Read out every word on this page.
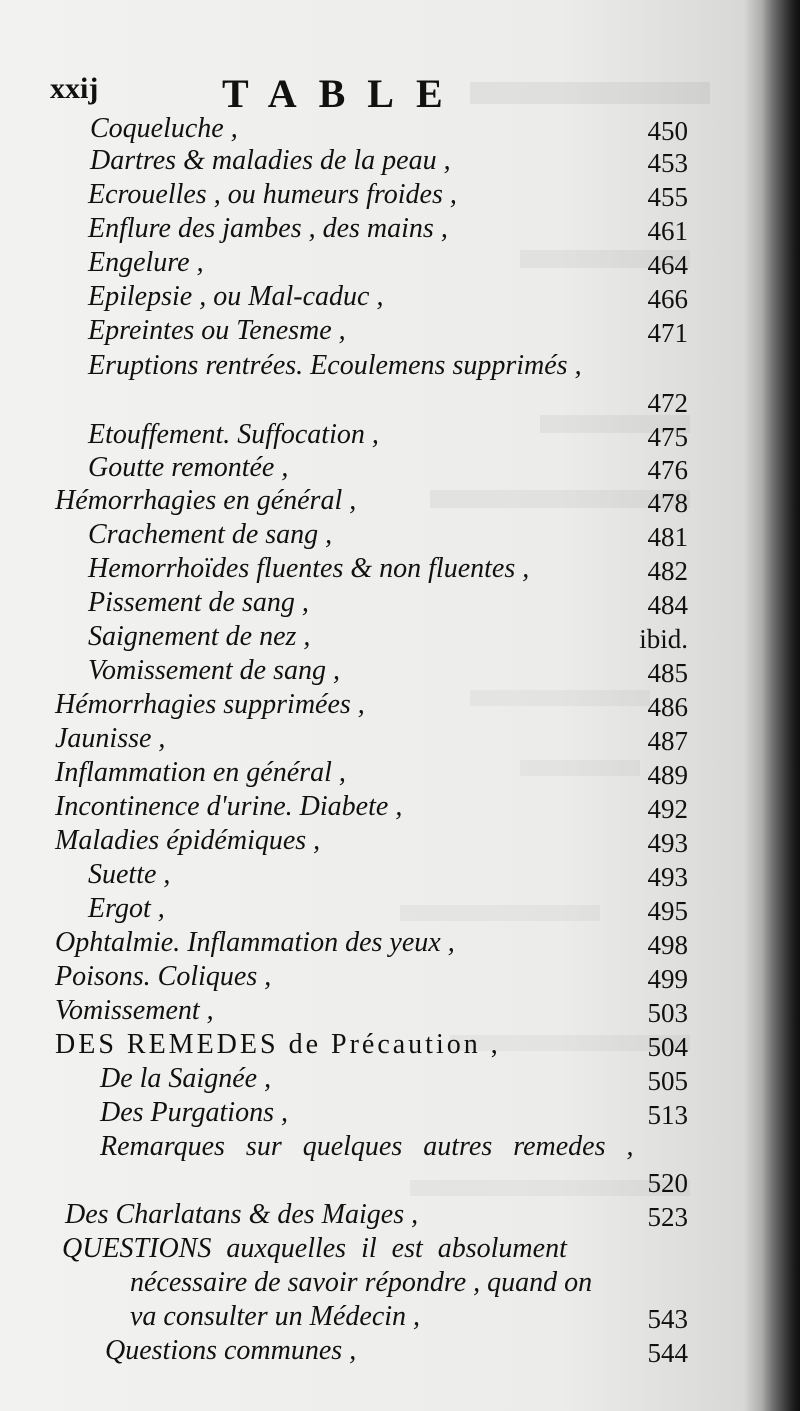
xxij	TABLE
Coqueluche ,	450
Dartres & maladies de la peau ,	453
Ecrouelles , ou humeurs froides ,	455
Enflure des jambes , des mains ,	461
Engelure ,	464
Epilepsie , ou Mal-caduc ,	466
Epreintes ou Tenesme ,	471
Eruptions rentrées. Ecoulemens supprimés ,
472
Etouffement. Suffocation ,	475
Goutte remontée ,	476
Hémorrhagies en général ,	478
Crachement de sang ,	481
Hemorrhoïdes fluentes & non fluentes ,	482
Pissement de sang ,	484
Saignement de nez ,	ibid.
Vomissement de sang ,	485
Hémorrhagies supprimées ,	486
Jaunisse ,	487
Inflammation en général ,	489
Incontinence d'urine. Diabete ,	492
Maladies épidémiques ,	493
Suette ,	493
Ergot ,	495
Ophtalmie. Inflammation des yeux ,	498
Poisons. Coliques ,	499
Vomissement ,	503
DES REMEDES de Précaution ,	504
De la Saignée ,	505
Des Purgations ,	513
Remarques sur quelques autres remedes ,
520
Des Charlatans & des Maiges ,	523
QUESTIONS auxquelles il est absolument
nécessaire de savoir répondre , quand on
va consulter un Médecin ,	543
Questions communes ,	544
